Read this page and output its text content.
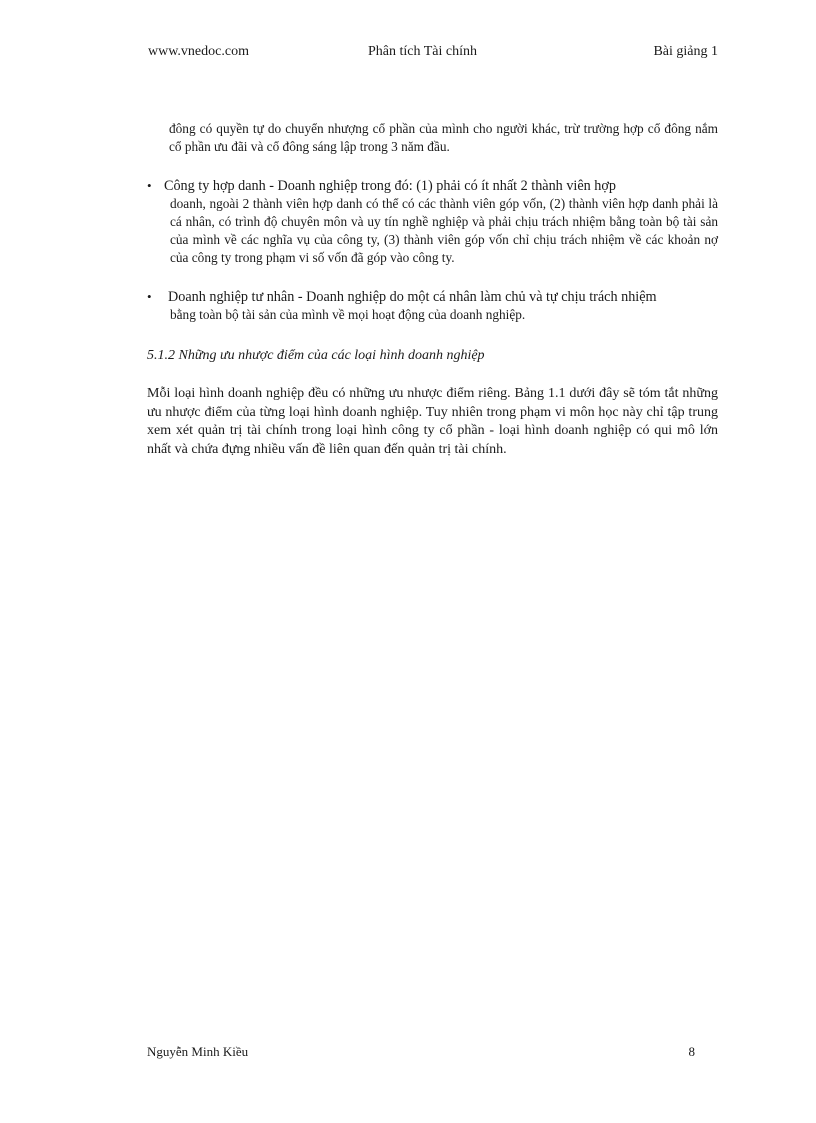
www.vnedoc.com	Phân tích Tài chính	Bài giảng 1
đông có quyền tự do chuyển nhượng cổ phần của mình cho người khác, trừ trường hợp cổ đông nắm cổ phần ưu đãi và cổ đông sáng lập trong 3 năm đầu.
• Công ty hợp danh - Doanh nghiệp trong đó: (1) phải có ít nhất 2 thành viên hợp
doanh, ngoài 2 thành viên hợp danh có thể có các thành viên góp vốn, (2) thành viên hợp danh phải là cá nhân, có trình độ chuyên môn và uy tín nghề nghiệp và phải chịu trách nhiệm bằng toàn bộ tài sản của mình về các nghĩa vụ của công ty, (3) thành viên góp vốn chỉ chịu trách nhiệm về các khoản nợ của công ty trong phạm vi số vốn đã góp vào công ty.
• Doanh nghiệp tư nhân - Doanh nghiệp do một cá nhân làm chủ và tự chịu trách nhiệm
bằng toàn bộ tài sản của mình về mọi hoạt động của doanh nghiệp.
5.1.2 Những ưu nhược điểm của các loại hình doanh nghiệp
Mỗi loại hình doanh nghiệp đều có những ưu nhược điểm riêng. Bảng 1.1 dưới đây sẽ tóm tắt những ưu nhược điểm của từng loại hình doanh nghiệp. Tuy nhiên trong phạm vi môn học này chỉ tập trung xem xét quản trị tài chính trong loại hình công ty cổ phần - loại hình doanh nghiệp có qui mô lớn nhất và chứa đựng nhiều vấn đề liên quan đến quản trị tài chính.
Nguyễn Minh Kiều	8
